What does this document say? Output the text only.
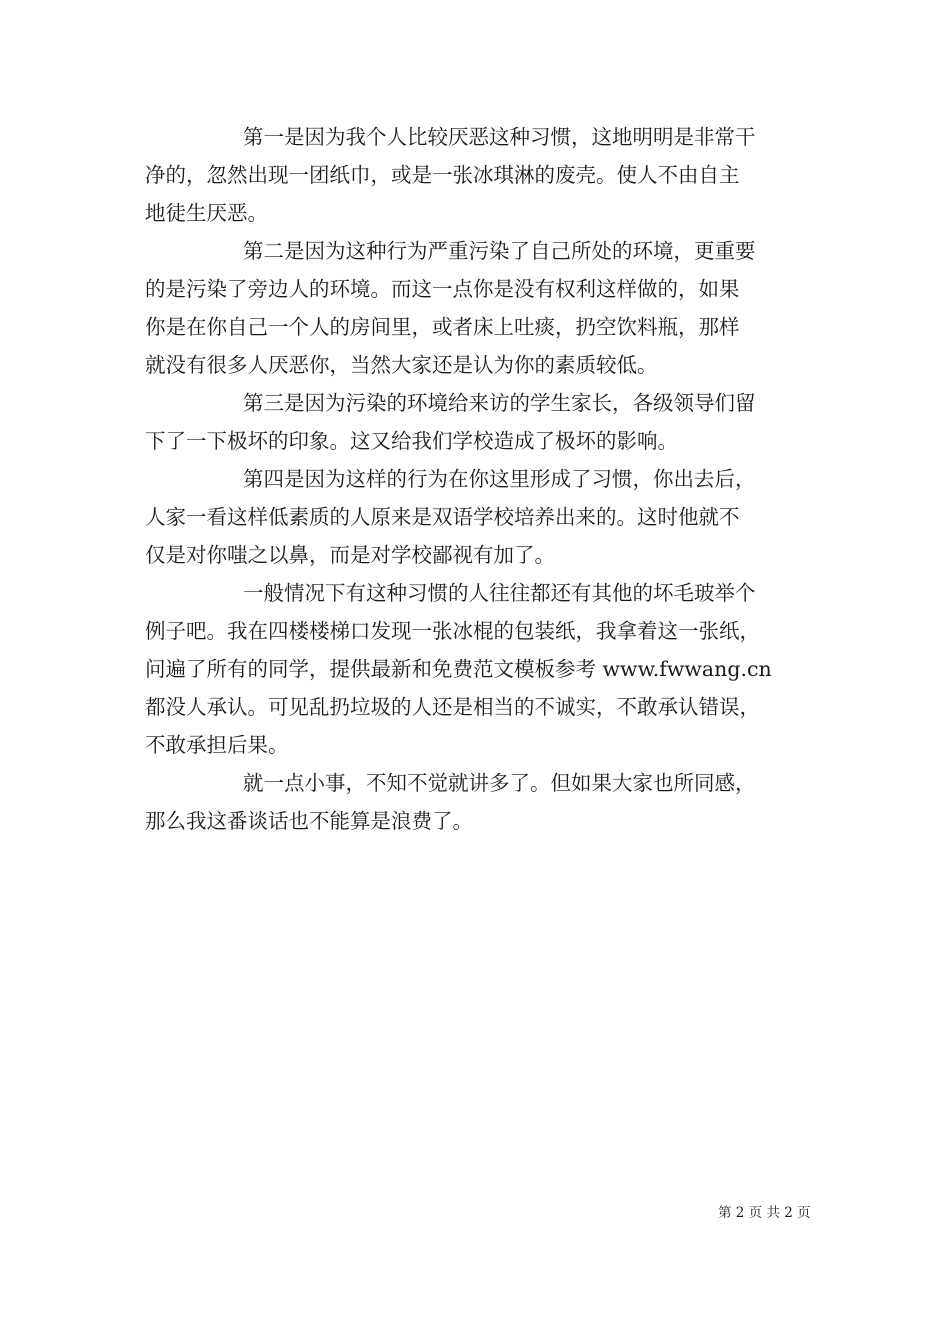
第一是因为我个人比较厌恶这种习惯，这地明明是非常干
净的，忽然出现一团纸巾，或是一张冰琪淋的废壳。使人不由自主
地徒生厌恶。
第二是因为这种行为严重污染了自己所处的环境，更重要
的是污染了旁边人的环境。而这一点你是没有权利这样做的，如果
你是在你自己一个人的房间里，或者床上吐痰，扔空饮料瓶，那样
就没有很多人厌恶你，当然大家还是认为你的素质较低。
第三是因为污染的环境给来访的学生家长，各级领导们留
下了一下极坏的印象。这又给我们学校造成了极坏的影响。
第四是因为这样的行为在你这里形成了习惯，你出去后，
人家一看这样低素质的人原来是双语学校培养出来的。这时他就不
仅是对你嗤之以鼻，而是对学校鄙视有加了。
一般情况下有这种习惯的人往往都还有其他的坏毛玻举个
例子吧。我在四楼楼梯口发现一张冰棍的包装纸，我拿着这一张纸，
问遍了所有的同学，提供最新和免费范文模板参考 www.fwwang.cn
都没人承认。可见乱扔垃圾的人还是相当的不诚实，不敢承认错误，
不敢承担后果。
就一点小事，不知不觉就讲多了。但如果大家也所同感，
那么我这番谈话也不能算是浪费了。
第 2 页 共 2 页
